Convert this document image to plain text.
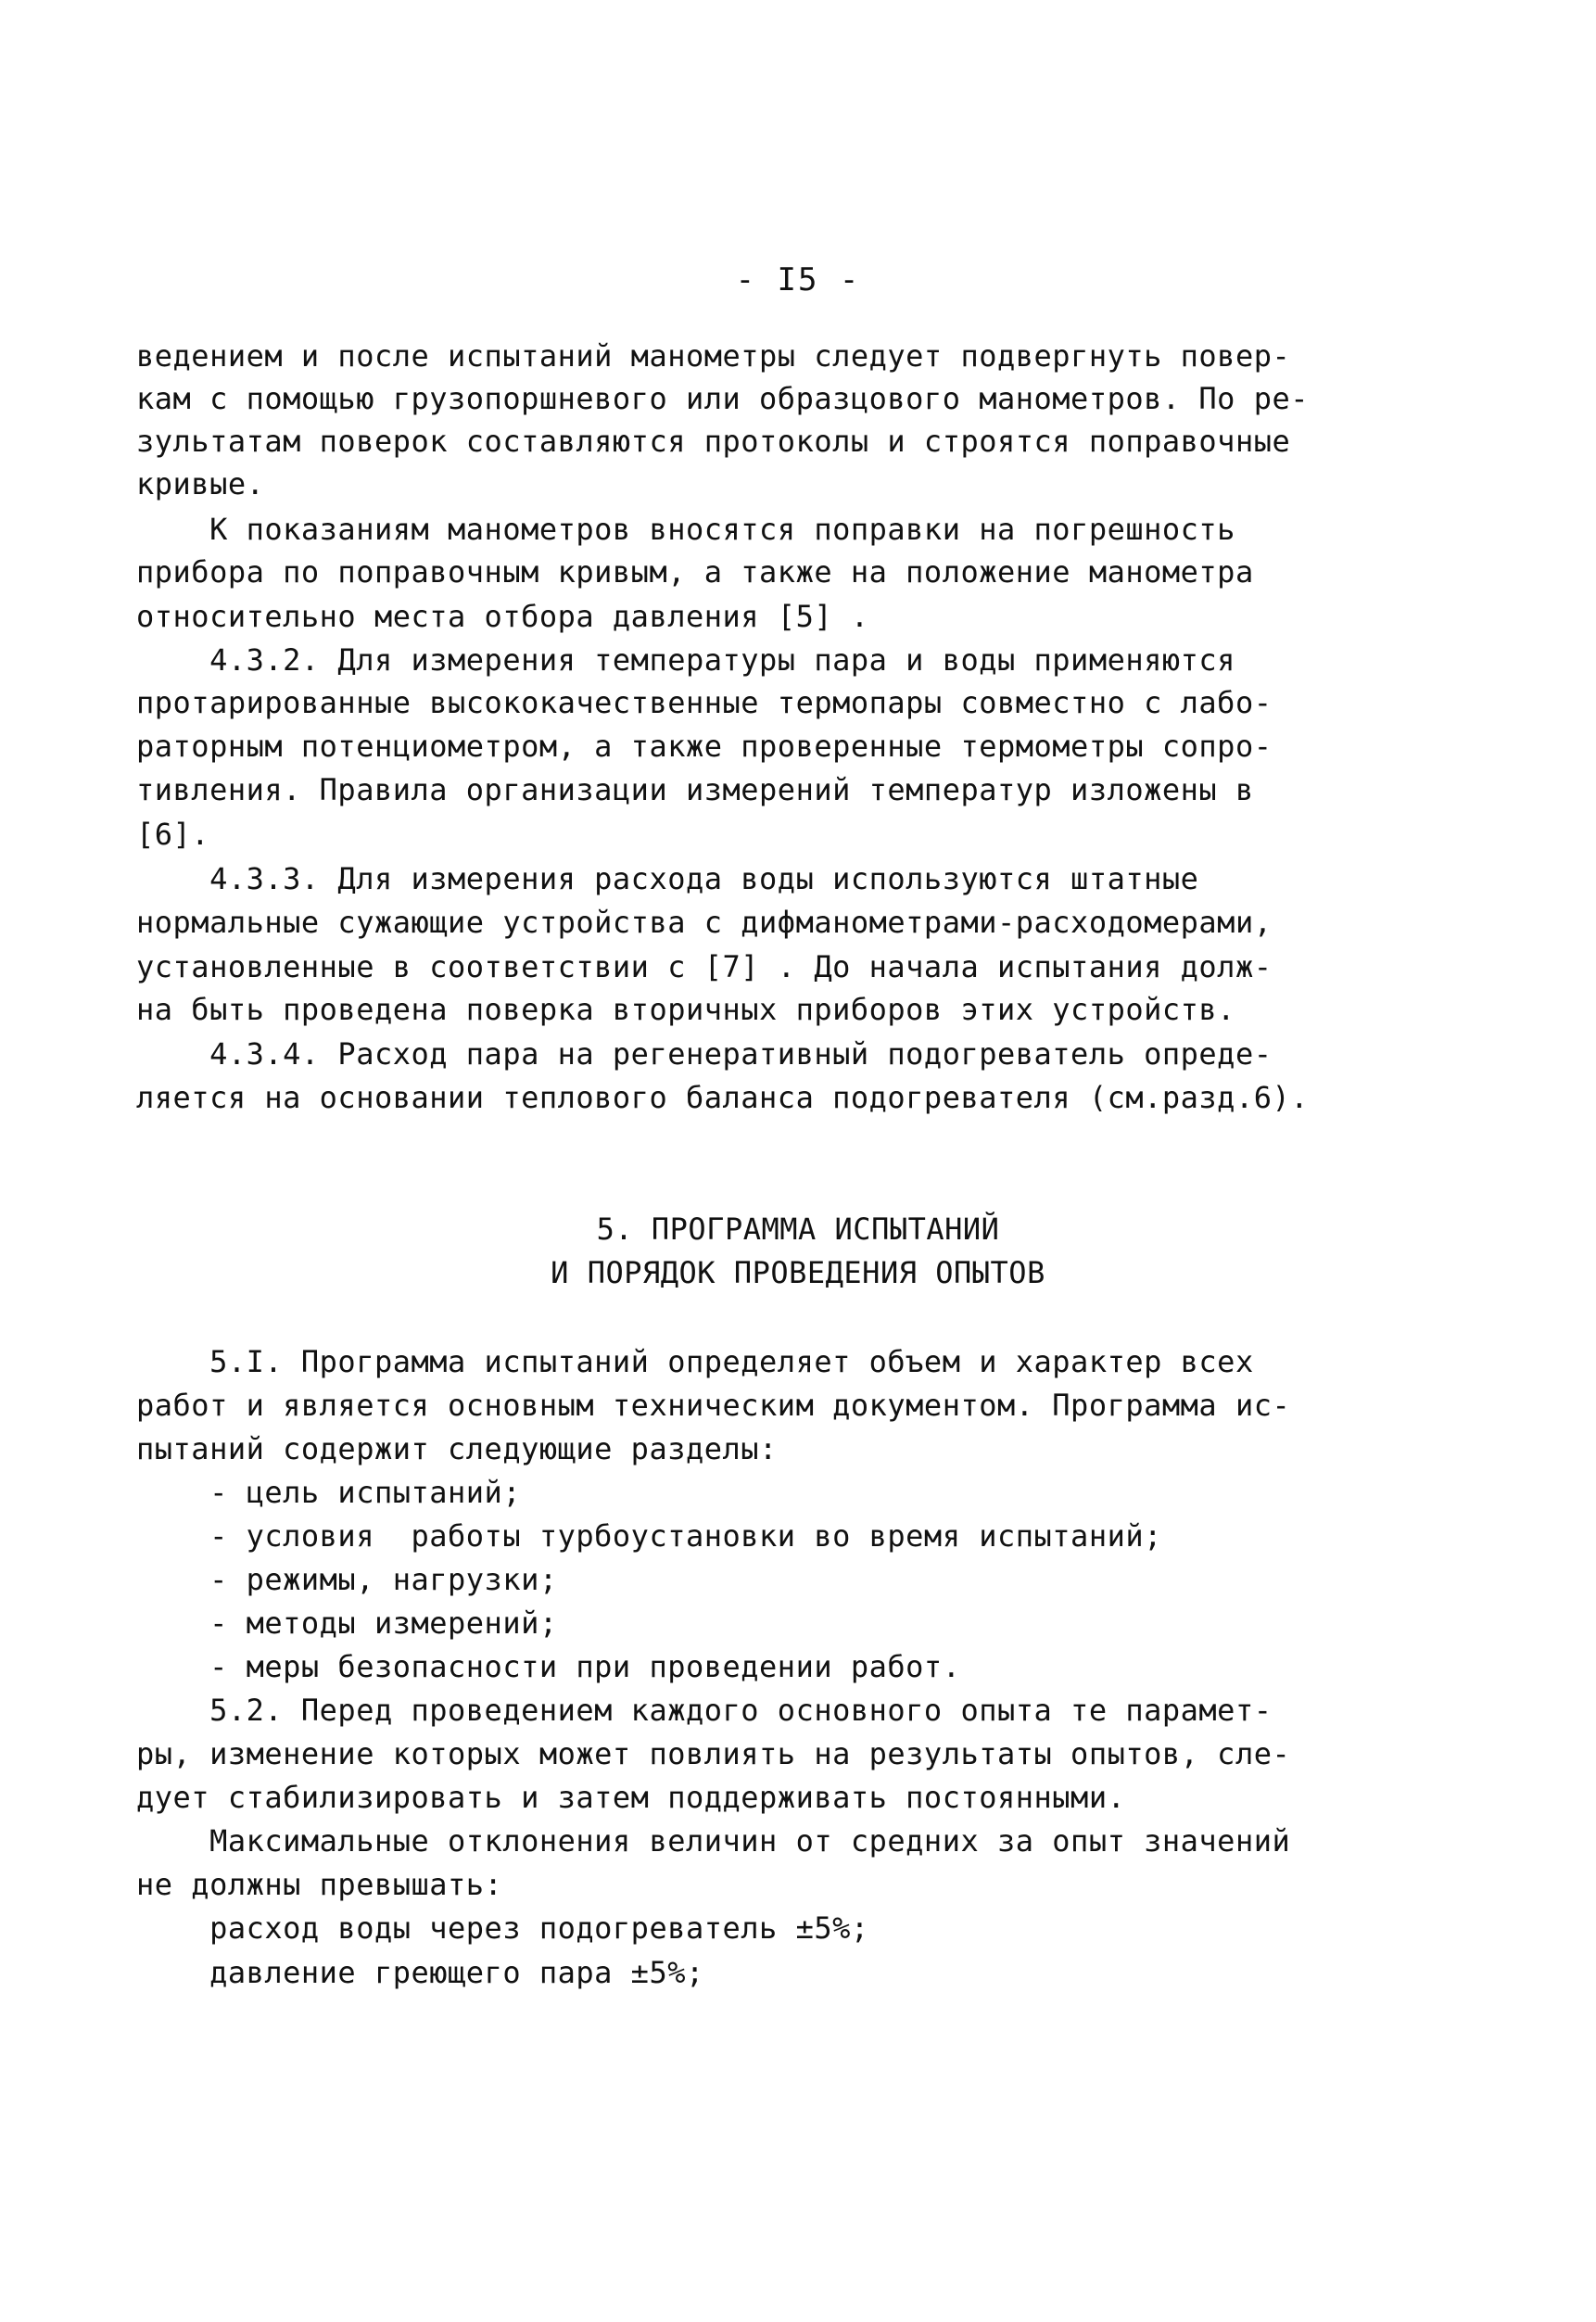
- I5 -
ведением и после испытаний манометры следует подвергнуть повер-
кам с помощью грузопоршневого или образцового манометров. По ре-
зультатам поверок составляются протоколы и строятся поправочные
кривые.
К показаниям манометров вносятся поправки на погрешность
прибора по поправочным кривым, а также на положение манометра
относительно места отбора давления [5] .
4.3.2. Для измерения температуры пара и воды применяются
протарированные высококачественные термопары совместно с лабо-
раторным потенциометром, а также проверенные термометры сопро-
тивления. Правила организации измерений температур изложены в
[6].
4.3.3. Для измерения расхода воды используются штатные
нормальные сужающие устройства с дифманометрами-расходомерами,
установленные в соответствии с [7] . До начала испытания долж-
на быть проведена поверка вторичных приборов этих устройств.
4.3.4. Расход пара на регенеративный подогреватель опреде-
ляется на основании теплового баланса подогревателя (см.разд.6).
5. ПРОГРАММА ИСПЫТАНИЙ
И ПОРЯДОК ПРОВЕДЕНИЯ ОПЫТОВ
5.I. Программа испытаний определяет объем и характер всех
работ и является основным техническим документом. Программа ис-
пытаний содержит следующие разделы:
- цель испытаний;
- условия  работы турбоустановки во время испытаний;
- режимы, нагрузки;
- методы измерений;
- меры безопасности при проведении работ.
5.2. Перед проведением каждого основного опыта те парамет-
ры, изменение которых может повлиять на результаты опытов, сле-
дует стабилизировать и затем поддерживать постоянными.
Максимальные отклонения величин от средних за опыт значений
не должны превышать:
расход воды через подогреватель ±5%;
давление греющего пара ±5%;
